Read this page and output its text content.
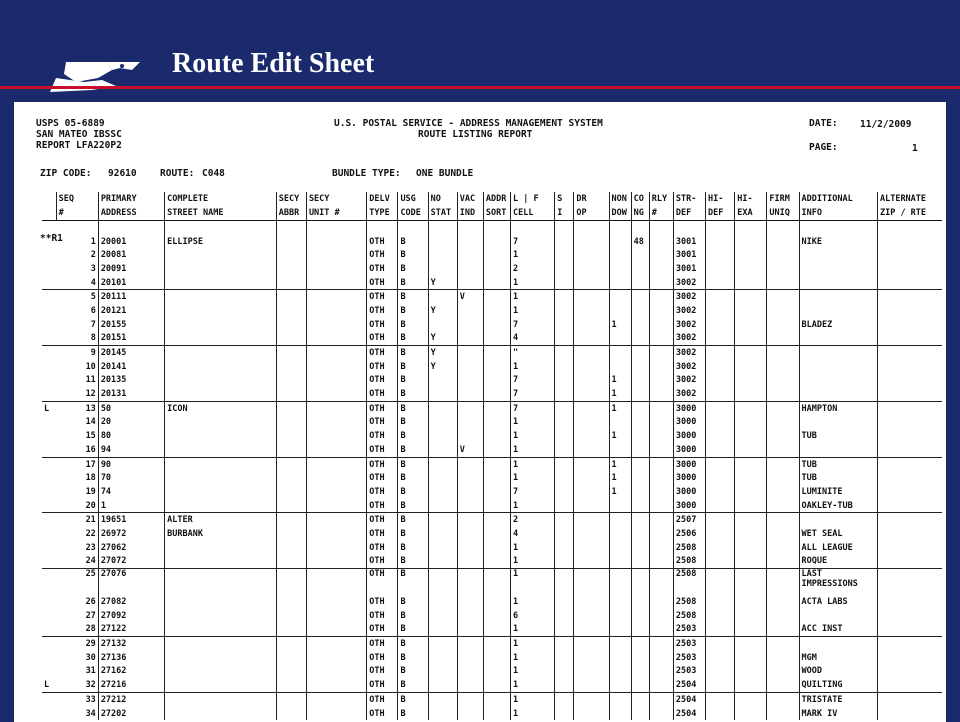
Route Edit Sheet
USPS 05-6889
SAN MATEO IBSSC
REPORT LFA220P2
U.S. POSTAL SERVICE - ADDRESS MANAGEMENT SYSTEM
ROUTE LISTING REPORT
DATE: 11/2/2009
PAGE:	1
ZIP CODE: 92610 ROUTE: C048	BUNDLE TYPE: ONE BUNDLE
**R1
	SEQ	PRIMARY	COMPLETE	SECY	SECY	DELV	USG	NO	VAC	ADDR	L | F	S	DR	NON	CO	RLY	STR-	HI-	HI-	FIRM	ADDITIONAL	ALTERNATE
	#	ADDRESS	STREET NAME	ABBR	UNIT #	TYPE	CODE	STAT	IND	SORT	CELL	I	OP	DOW	NG	#	DEF	DEF	EXA	UNIQ	INFO	ZIP / RTE

	1	20001	ELLIPSE			OTH	B				7				48		3001				NIKE	
	2	20081				OTH	B				1						3001					
	3	20091				OTH	B				2						3001					
	4	20101				OTH	B	Y			1						3002					
	5	20111				OTH	B		V		1						3002					
	6	20121				OTH	B	Y			1						3002					
	7	20155				OTH	B				7			1			3002				BLADEZ	
	8	20151				OTH	B	Y			4						3002					
	9	20145				OTH	B	Y			"						3002					
	10	20141				OTH	B	Y			1						3002					
	11	20135				OTH	B				7			1			3002					
	12	20131				OTH	B				7			1			3002					
L	13	50	ICON			OTH	B				7			1			3000				HAMPTON	
	14	20				OTH	B				1						3000					
	15	80				OTH	B				1			1			3000				TUB	
	16	94				OTH	B		V		1						3000					
	17	90				OTH	B				1			1			3000				TUB	
	18	70				OTH	B				1			1			3000				TUB	
	19	74				OTH	B				7			1			3000				LUMINITE	
	20	1				OTH	B				1						3000				OAKLEY-TUB	
	21	19651	ALTER			OTH	B				2						2507					
	22	26972	BURBANK			OTH	B				4						2506				WET SEAL	
	23	27062				OTH	B				1						2508				ALL LEAGUE	
	24	27072				OTH	B				1						2508				ROQUE	
	25	27076				OTH	B				1						2508				LAST IMPRESSIONS	
	26	27082				OTH	B				1						2508				ACTA LABS	
	27	27092				OTH	B				6						2508					
	28	27122				OTH	B				1						2503				ACC INST	
	29	27132				OTH	B				1						2503					
	30	27136				OTH	B				1						2503				MGM	
	31	27162				OTH	B				1						2503				WOOD	
L	32	27216				OTH	B				1						2504				QUILTING	
	33	27212				OTH	B				1						2504				TRISTATE	
	34	27202				OTH	B				1						2504				MARK IV	
